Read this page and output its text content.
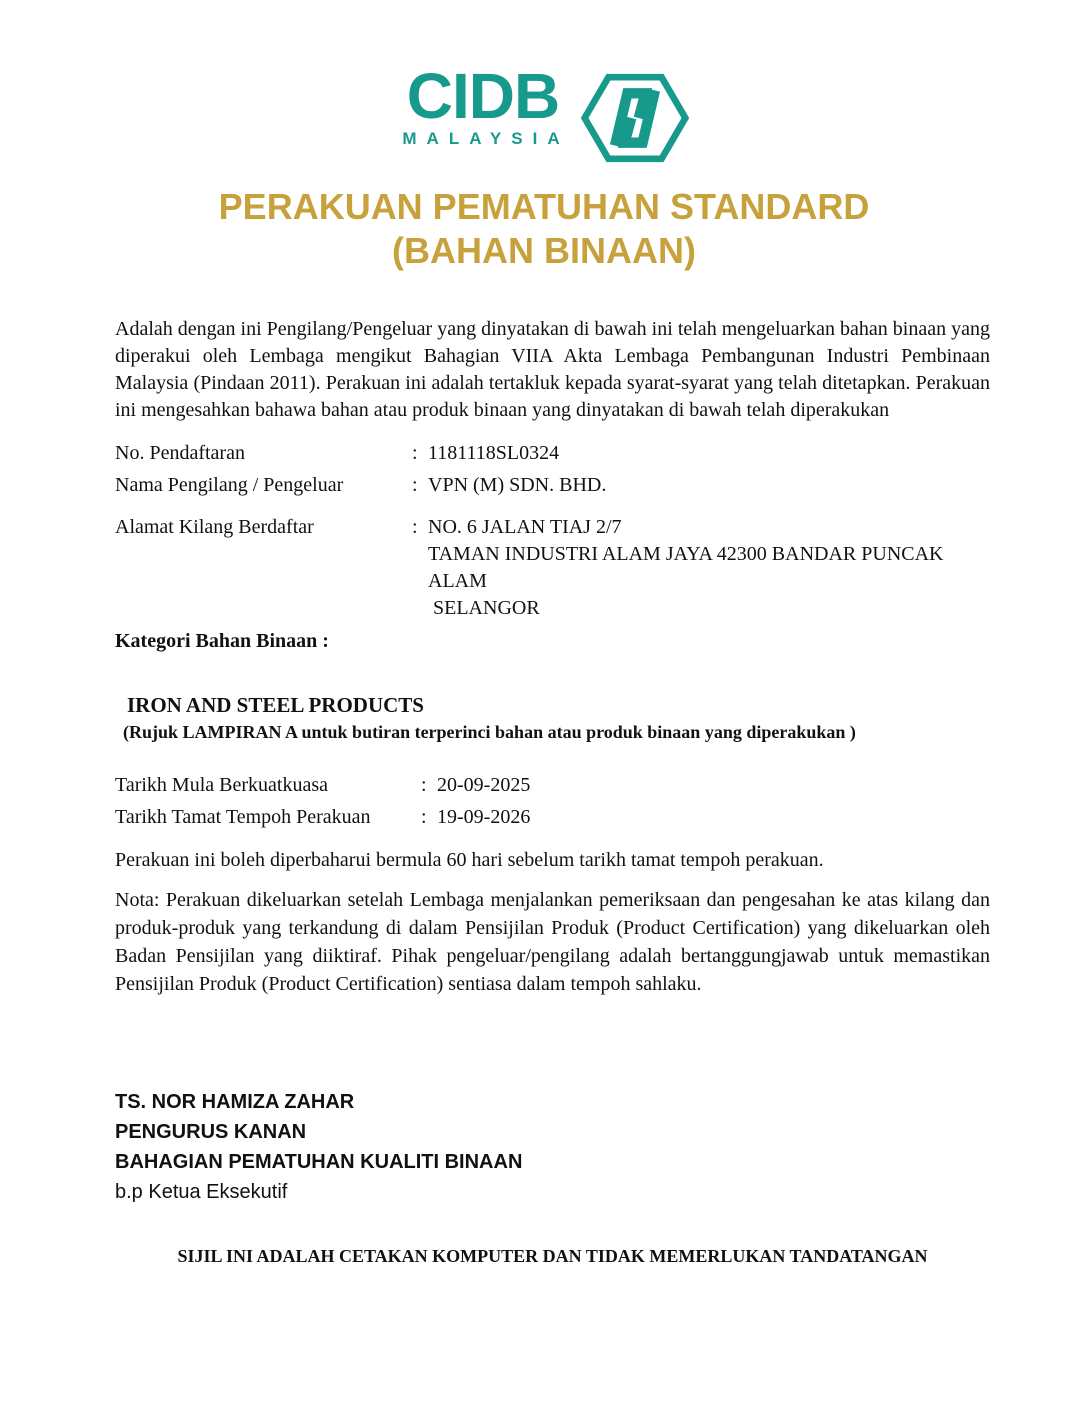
CIDB
MALAYSIA
PERAKUAN PEMATUHAN STANDARD
(BAHAN BINAAN)
Adalah dengan ini Pengilang/Pengeluar yang dinyatakan di bawah ini telah mengeluarkan bahan binaan yang diperakui oleh Lembaga mengikut Bahagian VIIA Akta Lembaga Pembangunan Industri Pembinaan Malaysia (Pindaan 2011). Perakuan ini adalah tertakluk kepada syarat-syarat yang telah ditetapkan. Perakuan ini mengesahkan bahawa bahan atau produk binaan yang dinyatakan di bawah telah diperakukan
No. Pendaftaran	: 1181118SL0324
Nama Pengilang / Pengeluar	: VPN (M) SDN. BHD.
Alamat Kilang Berdaftar	: NO. 6 JALAN TIAJ 2/7
TAMAN INDUSTRI ALAM JAYA 42300 BANDAR PUNCAK
ALAM
SELANGOR
Kategori Bahan Binaan :
IRON AND STEEL PRODUCTS
(Rujuk LAMPIRAN A untuk butiran terperinci bahan atau produk binaan yang diperakukan )
Tarikh Mula Berkuatkuasa	: 20-09-2025
Tarikh Tamat Tempoh Perakuan	: 19-09-2026
Perakuan ini boleh diperbaharui bermula 60 hari sebelum tarikh tamat tempoh perakuan.
Nota: Perakuan dikeluarkan setelah Lembaga menjalankan pemeriksaan dan pengesahan ke atas kilang dan produk-produk yang terkandung di dalam Pensijilan Produk (Product Certification) yang dikeluarkan oleh Badan Pensijilan yang diiktiraf. Pihak pengeluar/pengilang adalah bertanggungjawab untuk memastikan Pensijilan Produk (Product Certification) sentiasa dalam tempoh sahlaku.
TS. NOR HAMIZA ZAHAR
PENGURUS KANAN
BAHAGIAN PEMATUHAN KUALITI BINAAN
b.p Ketua Eksekutif
SIJIL INI ADALAH CETAKAN KOMPUTER DAN TIDAK MEMERLUKAN TANDATANGAN
